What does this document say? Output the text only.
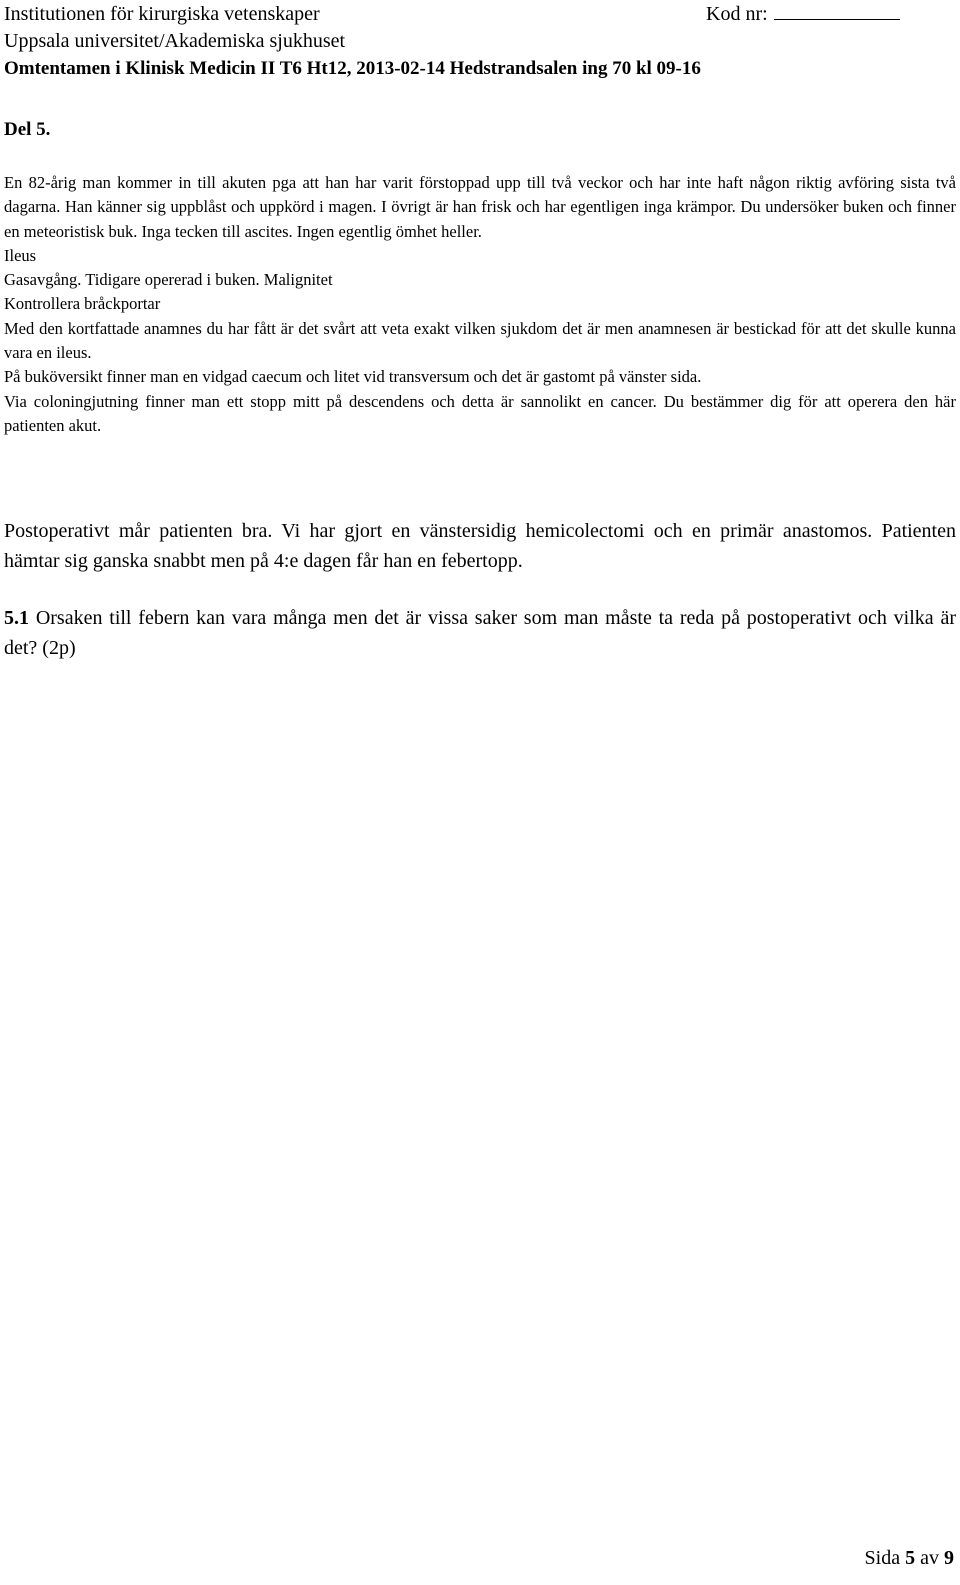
Institutionen för kirurgiska vetenskaper	Kod nr:
Uppsala universitet/Akademiska sjukhuset
Omtentamen i Klinisk Medicin II T6 Ht12, 2013-02-14 Hedstrandsalen ing 70 kl 09-16
Del 5.

En 82-årig man kommer in till akuten pga att han har varit förstoppad upp till två veckor och har inte haft någon riktig avföring sista två dagarna. Han känner sig uppblåst och uppkörd i magen. I övrigt är han frisk och har egentligen inga krämpor. Du undersöker buken och finner en meteoristisk buk. Inga tecken till ascites. Ingen egentlig ömhet heller.

Ileus

Gasavgång. Tidigare opererad i buken. Malignitet

Kontrollera bråckportar

Med den kortfattade anamnes du har fått är det svårt att veta exakt vilken sjukdom det är men anamnesen är bestickad för att det skulle kunna vara en ileus.

På buköversikt finner man en vidgad caecum och litet vid transversum och det är gastomt på vänster sida.

Via coloningjutning finner man ett stopp mitt på descendens och detta är sannolikt en cancer. Du bestämmer dig för att operera den här patienten akut.

Postoperativt mår patienten bra. Vi har gjort en vänstersidig hemicolectomi och en primär anastomos. Patienten hämtar sig ganska snabbt men på 4:e dagen får han en febertopp.

5.1 Orsaken till febern kan vara många men det är vissa saker som man måste ta reda på postoperativt och vilka är det? (2p)

Sida 5 av 9
